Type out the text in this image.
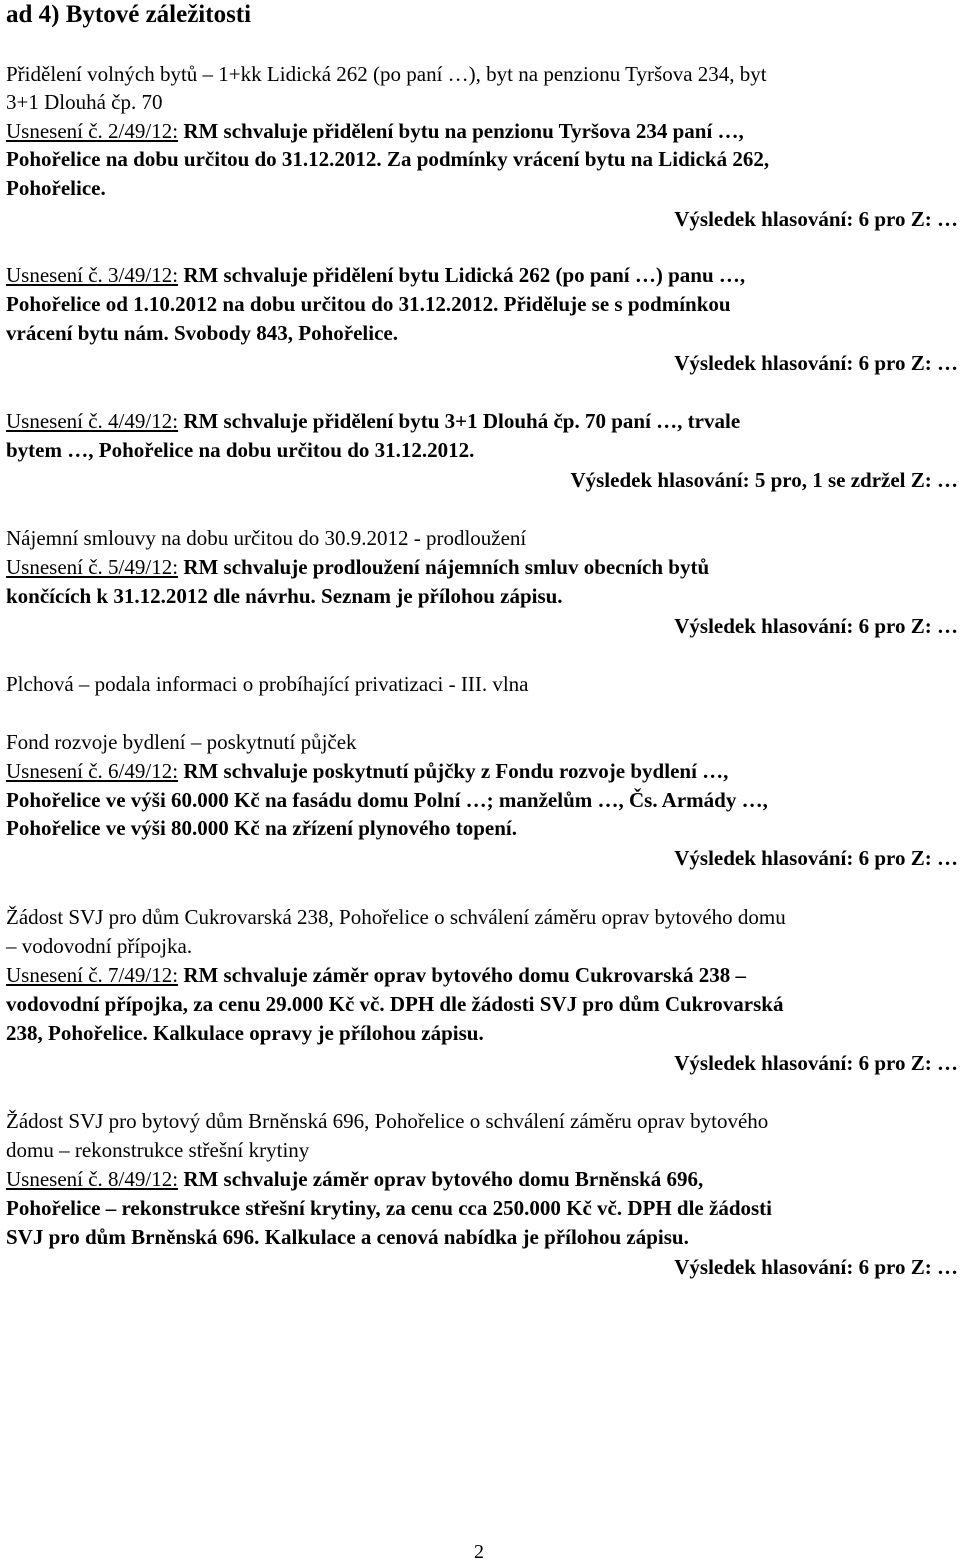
ad 4) Bytové záležitosti
Přidělení volných bytů – 1+kk Lidická 262 (po paní …), byt na penzionu Tyršova 234, byt
3+1 Dlouhá čp. 70
Usnesení č. 2/49/12: RM schvaluje přidělení bytu na penzionu Tyršova 234 paní …,
Pohořelice na dobu určitou do 31.12.2012. Za podmínky vrácení bytu na Lidická 262,
Pohořelice.
Výsledek hlasování: 6 pro Z: …
Usnesení č. 3/49/12: RM schvaluje přidělení bytu Lidická 262 (po paní …) panu …,
Pohořelice od 1.10.2012 na dobu určitou do 31.12.2012. Přiděluje se s podmínkou
vrácení bytu nám. Svobody 843, Pohořelice.
Výsledek hlasování: 6 pro Z: …
Usnesení č. 4/49/12: RM schvaluje přidělení bytu 3+1 Dlouhá čp. 70 paní …, trvale
bytem …, Pohořelice na dobu určitou do 31.12.2012.
Výsledek hlasování: 5 pro, 1 se zdržel Z: …
Nájemní smlouvy na dobu určitou do 30.9.2012 - prodloužení
Usnesení č. 5/49/12: RM schvaluje prodloužení nájemních smluv obecních bytů
končících k 31.12.2012 dle návrhu. Seznam je přílohou zápisu.
Výsledek hlasování: 6 pro Z: …
Plchová – podala informaci o probíhající privatizaci - III. vlna
Fond rozvoje bydlení – poskytnutí půjček
Usnesení č. 6/49/12: RM schvaluje poskytnutí půjčky z Fondu rozvoje bydlení …,
Pohořelice ve výši 60.000 Kč na fasádu domu Polní …; manželům …, Čs. Armády …,
Pohořelice ve výši 80.000 Kč na zřízení plynového topení.
Výsledek hlasování: 6 pro Z: …
Žádost SVJ pro dům Cukrovarská 238, Pohořelice o schválení záměru oprav bytového domu
– vodovodní přípojka.
Usnesení č. 7/49/12: RM schvaluje záměr oprav bytového domu Cukrovarská 238 –
vodovodní přípojka, za cenu 29.000 Kč vč. DPH dle žádosti SVJ pro dům Cukrovarská
238, Pohořelice. Kalkulace opravy je přílohou zápisu.
Výsledek hlasování: 6 pro Z: …
Žádost SVJ pro bytový dům Brněnská 696, Pohořelice o schválení záměru oprav bytového
domu – rekonstrukce střešní krytiny
Usnesení č. 8/49/12: RM schvaluje záměr oprav bytového domu Brněnská 696,
Pohořelice – rekonstrukce střešní krytiny, za cenu cca 250.000 Kč vč. DPH dle žádosti
SVJ pro dům Brněnská 696. Kalkulace a cenová nabídka je přílohou zápisu.
Výsledek hlasování: 6 pro Z: …
2
